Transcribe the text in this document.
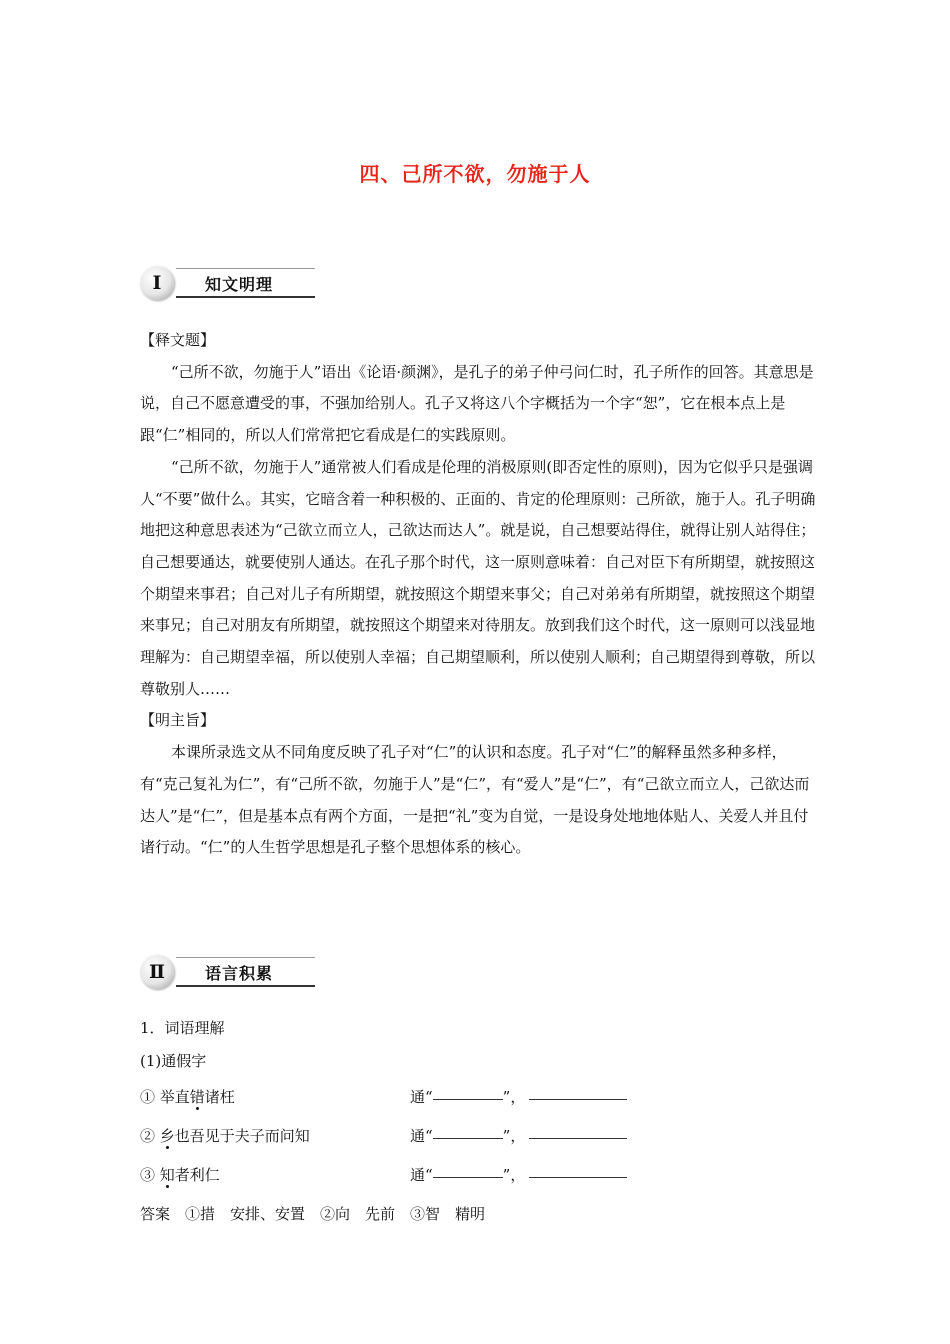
四、己所不欲，勿施于人
Ⅰ	知文明理

【释文题】

“己所不欲，勿施于人”语出《论语·颜渊》，是孔子的弟子仲弓问仁时，孔子所作的回答。其意思是说，自己不愿意遭受的事，不强加给别人。孔子又将这八个字概括为一个字“恕”，它在根本点上是跟“仁”相同的，所以人们常常把它看成是仁的实践原则。

“己所不欲，勿施于人”通常被人们看成是伦理的消极原则(即否定性的原则)，因为它似乎只是强调人“不要”做什么。其实，它暗含着一种积极的、正面的、肯定的伦理原则：己所欲，施于人。孔子明确地把这种意思表述为“己欲立而立人，己欲达而达人”。就是说，自己想要站得住，就得让别人站得住；自己想要通达，就要使别人通达。在孔子那个时代，这一原则意味着：自己对臣下有所期望，就按照这个期望来事君；自己对儿子有所期望，就按照这个期望来事父；自己对弟弟有所期望，就按照这个期望来事兄；自己对朋友有所期望，就按照这个期望来对待朋友。放到我们这个时代，这一原则可以浅显地理解为：自己期望幸福，所以使别人幸福；自己期望顺利，所以使别人顺利；自己期望得到尊敬，所以尊敬别人……

【明主旨】

本课所录选文从不同角度反映了孔子对“仁”的认识和态度。孔子对“仁”的解释虽然多种多样，有“克己复礼为仁”，有“己所不欲，勿施于人”是“仁”，有“爱人”是“仁”，有“己欲立而立人，己欲达而达人”是“仁”，但是基本点有两个方面，一是把“礼”变为自觉，一是设身处地地体贴人、关爱人并且付诸行动。“仁”的人生哲学思想是孔子整个思想体系的核心。

Ⅱ	语言积累
1．词语理解
(1)通假字
① 举直错诸枉	通“	”，
② 乡也吾见于夫子而问知	通“	”，
③ 知者利仁	通“	”，
答案　①措　安排、安置　②向　先前　③智　精明
